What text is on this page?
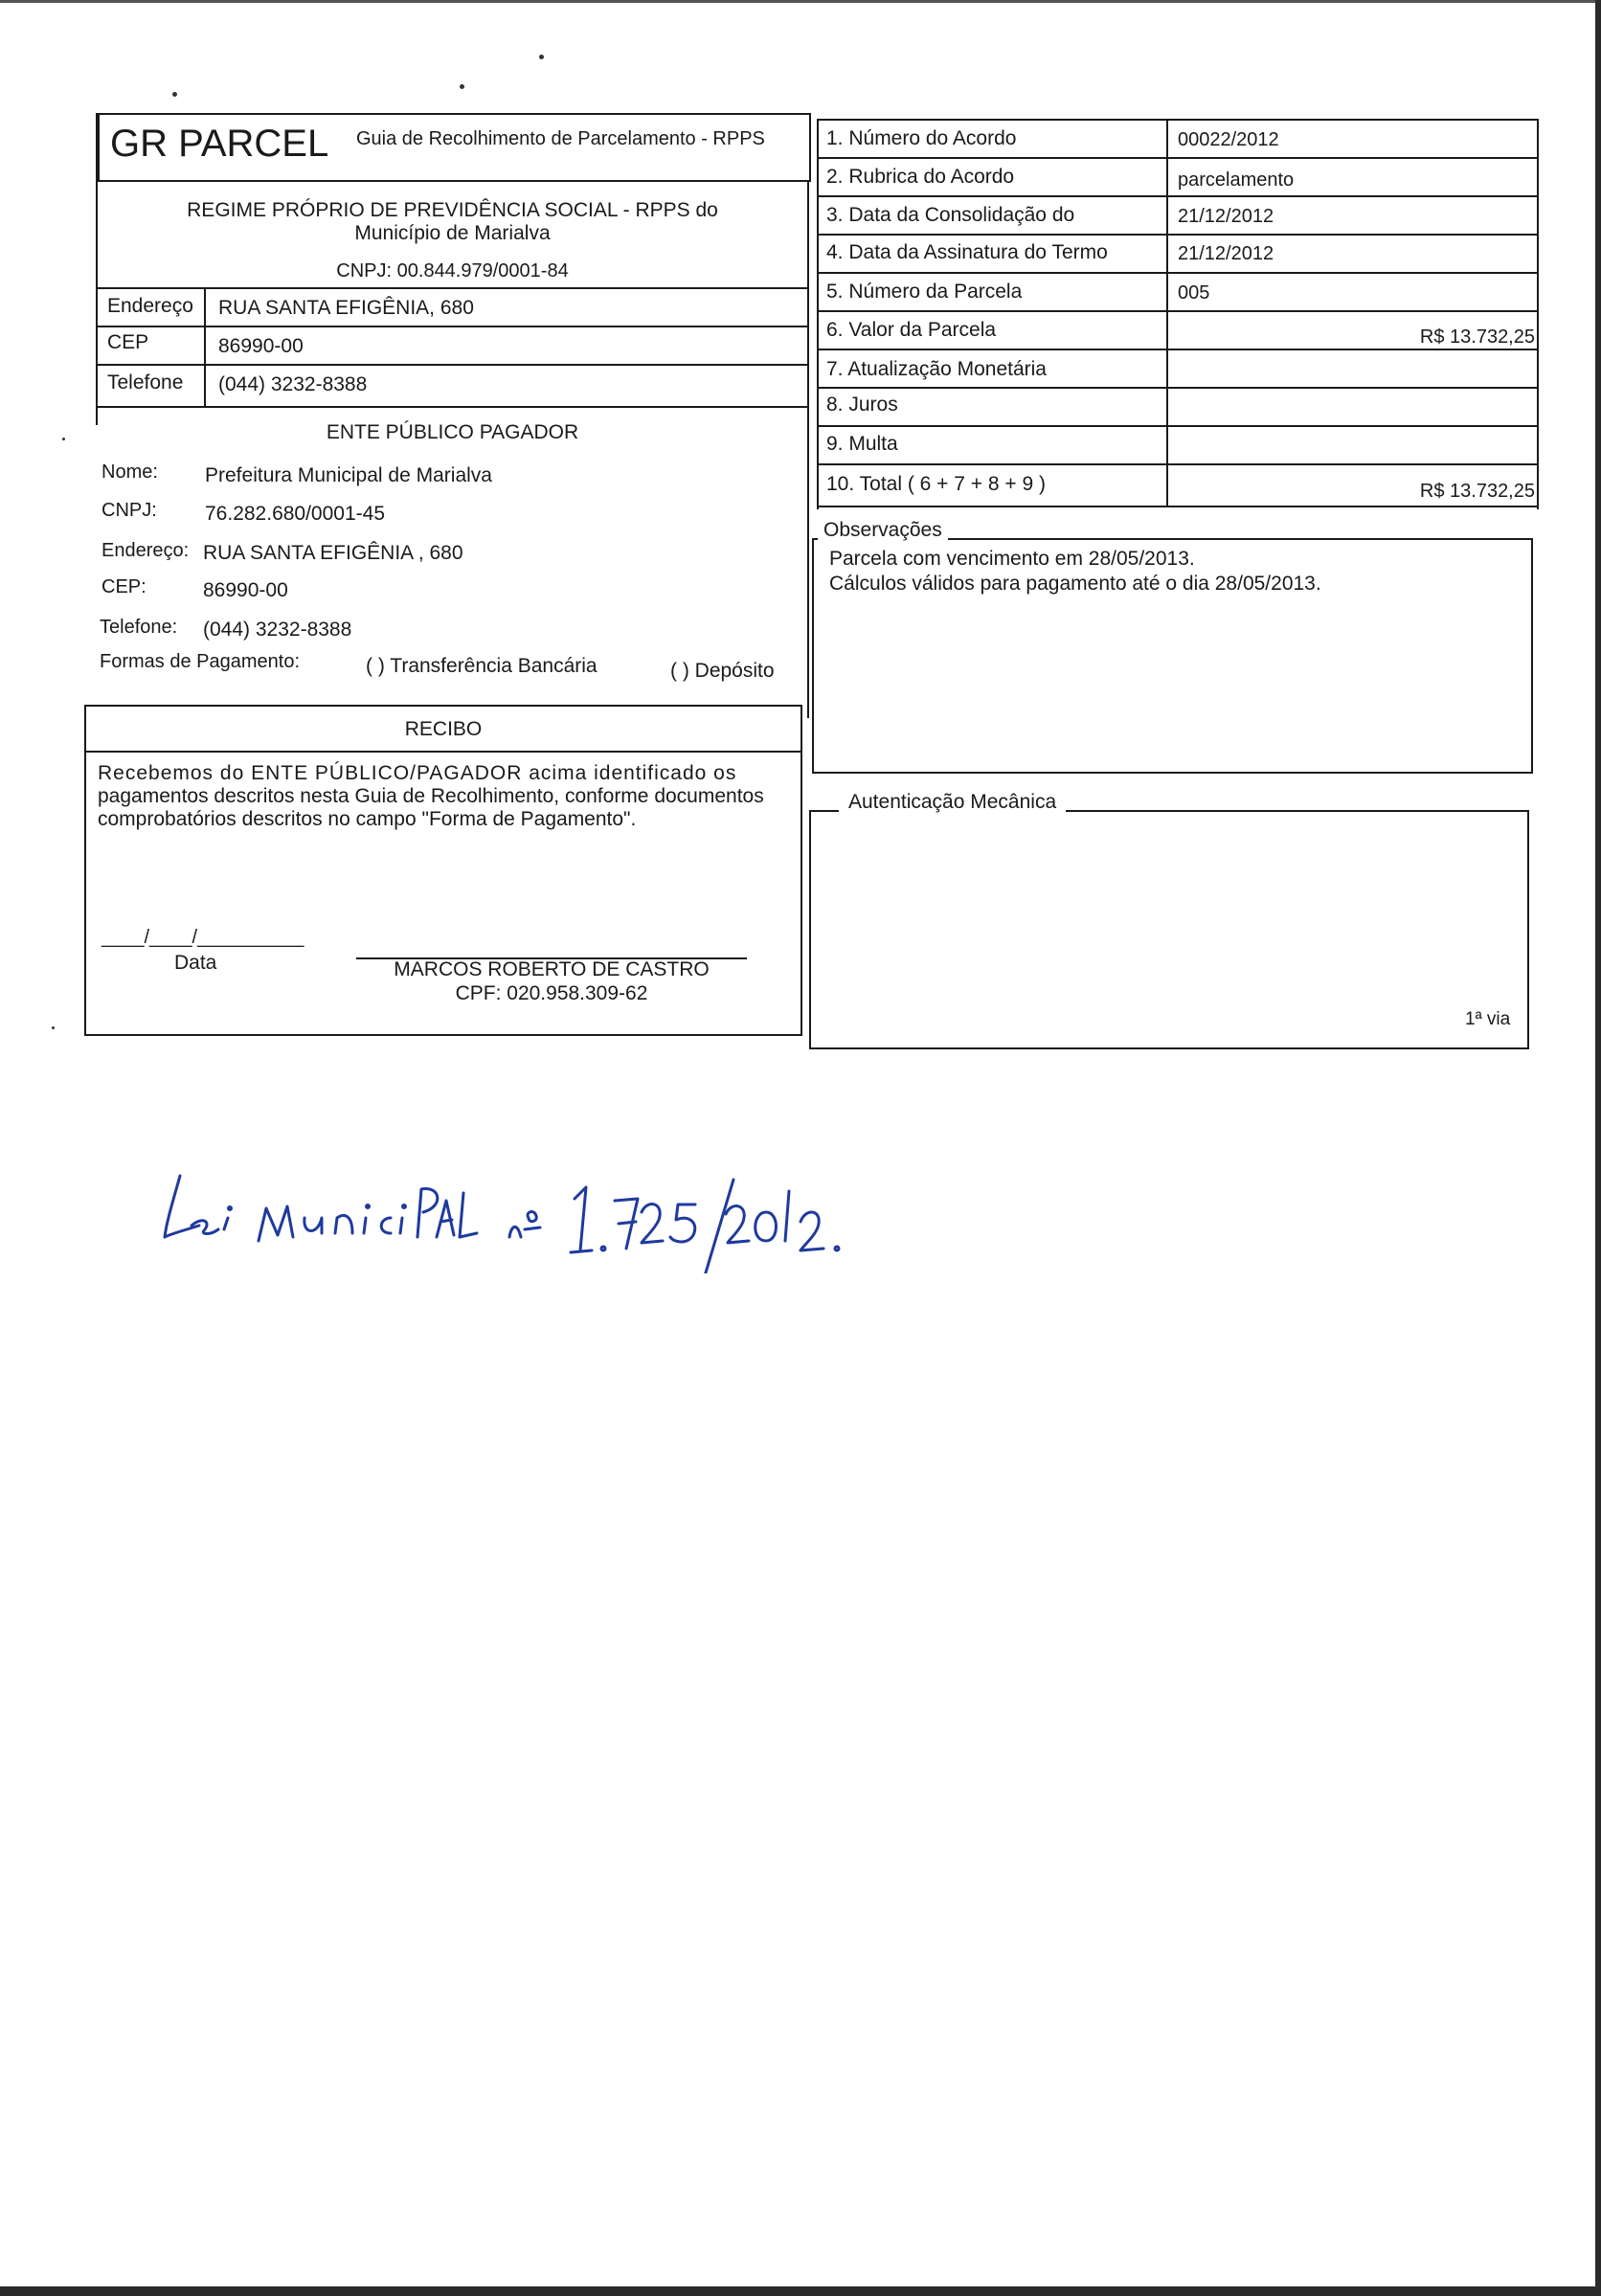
GR PARCEL Guia de Recolhimento de Parcelamento - RPPS
REGIME PRÓPRIO DE PREVIDÊNCIA SOCIAL - RPPS do
Município de Marialva
CNPJ: 00.844.979/0001-84
Endereço RUA SANTA EFIGÊNIA, 680
CEP	86990-00
Telefone (044) 3232-8388
ENTE PÚBLICO PAGADOR
Nome: Prefeitura Municipal de Marialva
CNPJ: 76.282.680/0001-45
Endereço: RUA SANTA EFIGÊNIA , 680
CEP:	86990-00
Telefone: (044) 3232-8388
Formas de Pagamento:	( ) Transferência Bancária	( ) Depósito
RECIBO
Recebemos do ENTE PÚBLICO/PAGADOR acima identificado os
pagamentos descritos nesta Guia de Recolhimento, conforme documentos
comprobatórios descritos no campo "Forma de Pagamento".
____/____/__________
Data	MARCOS ROBERTO DE CASTRO
CPF: 020.958.309-62
1. Número do Acordo	00022/2012
2. Rubrica do Acordo	parcelamento
3. Data da Consolidação do	21/12/2012
4. Data da Assinatura do Termo	21/12/2012
5. Número da Parcela	005
6. Valor da Parcela	R$ 13.732,25
7. Atualização Monetária
8. Juros
9. Multa
10. Total ( 6 + 7 + 8 + 9 )	R$ 13.732,25
Observações
Parcela com vencimento em 28/05/2013.
Cálculos válidos para pagamento até o dia 28/05/2013.
Autenticação Mecânica
1ª via
